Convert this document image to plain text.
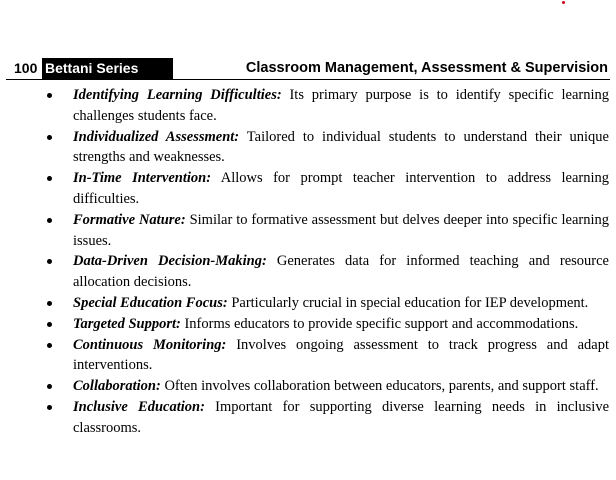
100 Bettani Series	Classroom Management, Assessment & Supervision
Identifying Learning Difficulties: Its primary purpose is to identify specific learning challenges students face.
Individualized Assessment: Tailored to individual students to understand their unique strengths and weaknesses.
In-Time Intervention: Allows for prompt teacher intervention to address learning difficulties.
Formative Nature: Similar to formative assessment but delves deeper into specific learning issues.
Data-Driven Decision-Making: Generates data for informed teaching and resource allocation decisions.
Special Education Focus: Particularly crucial in special education for IEP development.
Targeted Support: Informs educators to provide specific support and accommodations.
Continuous Monitoring: Involves ongoing assessment to track progress and adapt interventions.
Collaboration: Often involves collaboration between educators, parents, and support staff.
Inclusive Education: Important for supporting diverse learning needs in inclusive classrooms.
